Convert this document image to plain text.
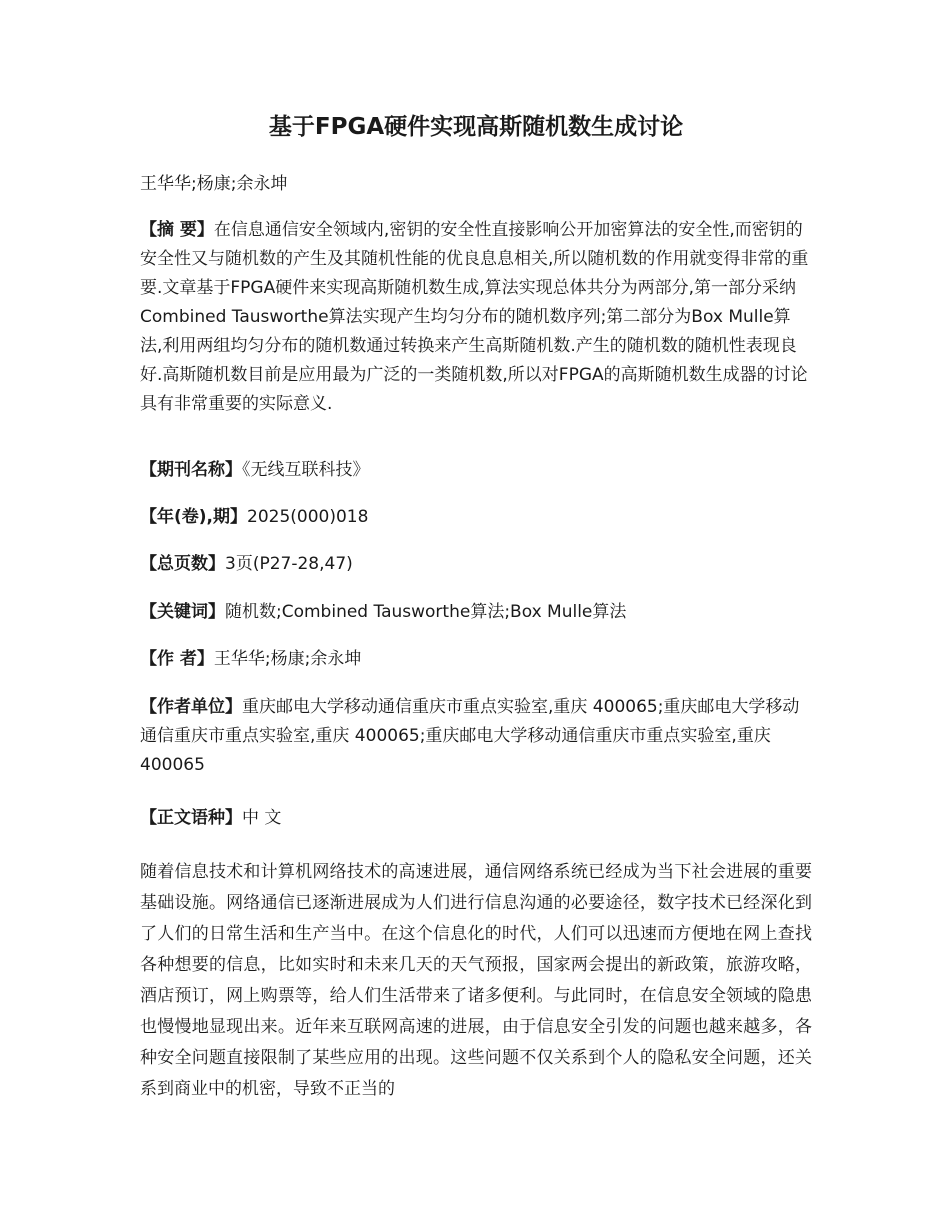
基于FPGA硬件实现高斯随机数生成讨论
王华华;杨康;余永坤
【摘 要】在信息通信安全领域内,密钥的安全性直接影响公开加密算法的安全性,而密钥的安全性又与随机数的产生及其随机性能的优良息息相关,所以随机数的作用就变得非常的重要.文章基于FPGA硬件来实现高斯随机数生成,算法实现总体共分为两部分,第一部分采纳Combined Tausworthe算法实现产生均匀分布的随机数序列;第二部分为Box Mulle算法,利用两组均匀分布的随机数通过转换来产生高斯随机数.产生的随机数的随机性表现良好.高斯随机数目前是应用最为广泛的一类随机数,所以对FPGA的高斯随机数生成器的讨论具有非常重要的实际意义.
【期刊名称】《无线互联科技》
【年(卷),期】2025(000)018
【总页数】3页(P27-28,47)
【关键词】随机数;Combined Tausworthe算法;Box Mulle算法
【作 者】王华华;杨康;余永坤
【作者单位】重庆邮电大学移动通信重庆市重点实验室,重庆 400065;重庆邮电大学移动通信重庆市重点实验室,重庆 400065;重庆邮电大学移动通信重庆市重点实验室,重庆 400065
【正文语种】中 文
随着信息技术和计算机网络技术的高速进展，通信网络系统已经成为当下社会进展的重要基础设施。网络通信已逐渐进展成为人们进行信息沟通的必要途径，数字技术已经深化到了人们的日常生活和生产当中。在这个信息化的时代，人们可以迅速而方便地在网上查找各种想要的信息，比如实时和未来几天的天气预报，国家两会提出的新政策，旅游攻略，酒店预订，网上购票等，给人们生活带来了诸多便利。与此同时，在信息安全领域的隐患也慢慢地显现出来。近年来互联网高速的进展，由于信息安全引发的问题也越来越多，各种安全问题直接限制了某些应用的出现。这些问题不仅关系到个人的隐私安全问题，还关系到商业中的机密，导致不正当的
